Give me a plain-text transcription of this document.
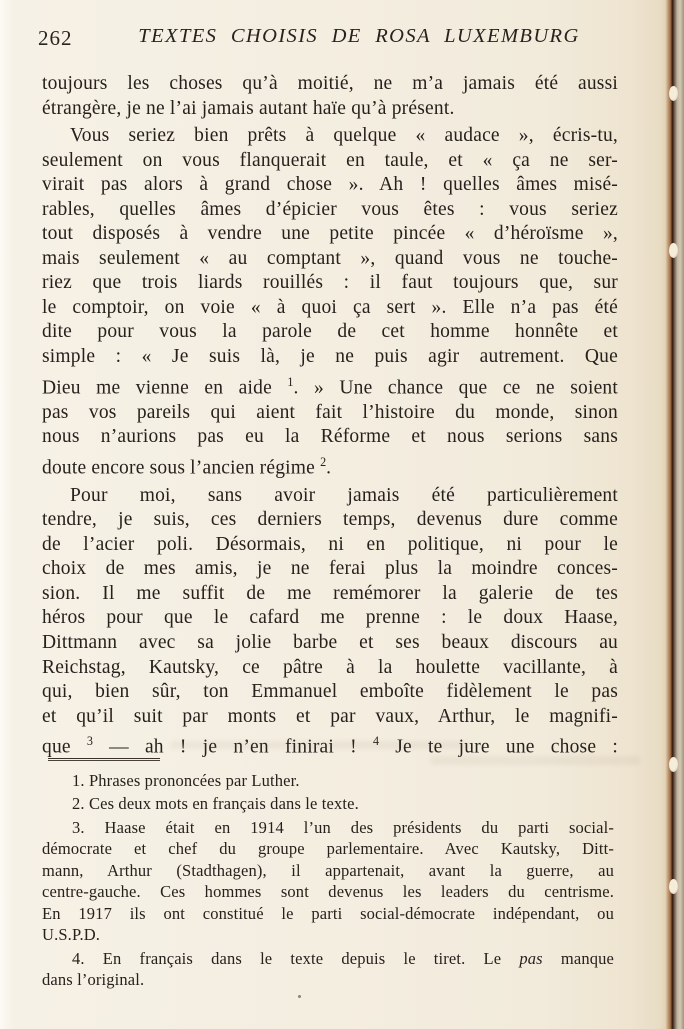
262	TEXTES CHOISIS DE ROSA LUXEMBURG
toujours les choses qu’à moitié, ne m’a jamais été aussi
étrangère, je ne l’ai jamais autant haïe qu’à présent.
Vous seriez bien prêts à quelque « audace », écris-tu,
seulement on vous flanquerait en taule, et « ça ne ser-
virait pas alors à grand chose ». Ah ! quelles âmes misé-
rables, quelles âmes d’épicier vous êtes : vous seriez
tout disposés à vendre une petite pincée « d’héroïsme »,
mais seulement « au comptant », quand vous ne touche-
riez que trois liards rouillés : il faut toujours que, sur
le comptoir, on voie « à quoi ça sert ». Elle n’a pas été
dite pour vous la parole de cet homme honnête et
simple : « Je suis là, je ne puis agir autrement. Que
Dieu me vienne en aide $^1$. » Une chance que ce ne soient
pas vos pareils qui aient fait l’histoire du monde, sinon
nous n’aurions pas eu la Réforme et nous serions sans
doute encore sous l’ancien régime $^2$.
Pour moi, sans avoir jamais été particulièrement
tendre, je suis, ces derniers temps, devenus dure comme
de l’acier poli. Désormais, ni en politique, ni pour le
choix de mes amis, je ne ferai plus la moindre conces-
sion. Il me suffit de me remémorer la galerie de tes
héros pour que le cafard me prenne : le doux Haase,
Dittmann avec sa jolie barbe et ses beaux discours au
Reichstag, Kautsky, ce pâtre à la houlette vacillante, à
qui, bien sûr, ton Emmanuel emboîte fidèlement le pas
et qu’il suit par monts et par vaux, Arthur, le magnifi-
que $^3$ — ah ! je n’en finirai ! $^4$ Je te jure une chose :
1. Phrases prononcées par Luther.
2. Ces deux mots en français dans le texte.
3. Haase était en 1914 l’un des présidents du parti social-
démocrate et chef du groupe parlementaire. Avec Kautsky, Ditt-
mann, Arthur (Stadthagen), il appartenait, avant la guerre, au
centre-gauche. Ces hommes sont devenus les leaders du centrisme.
En 1917 ils ont constitué le parti social-démocrate indépendant, ou
U.S.P.D.
4. En français dans le texte depuis le tiret. Le pas manque
dans l’original.
